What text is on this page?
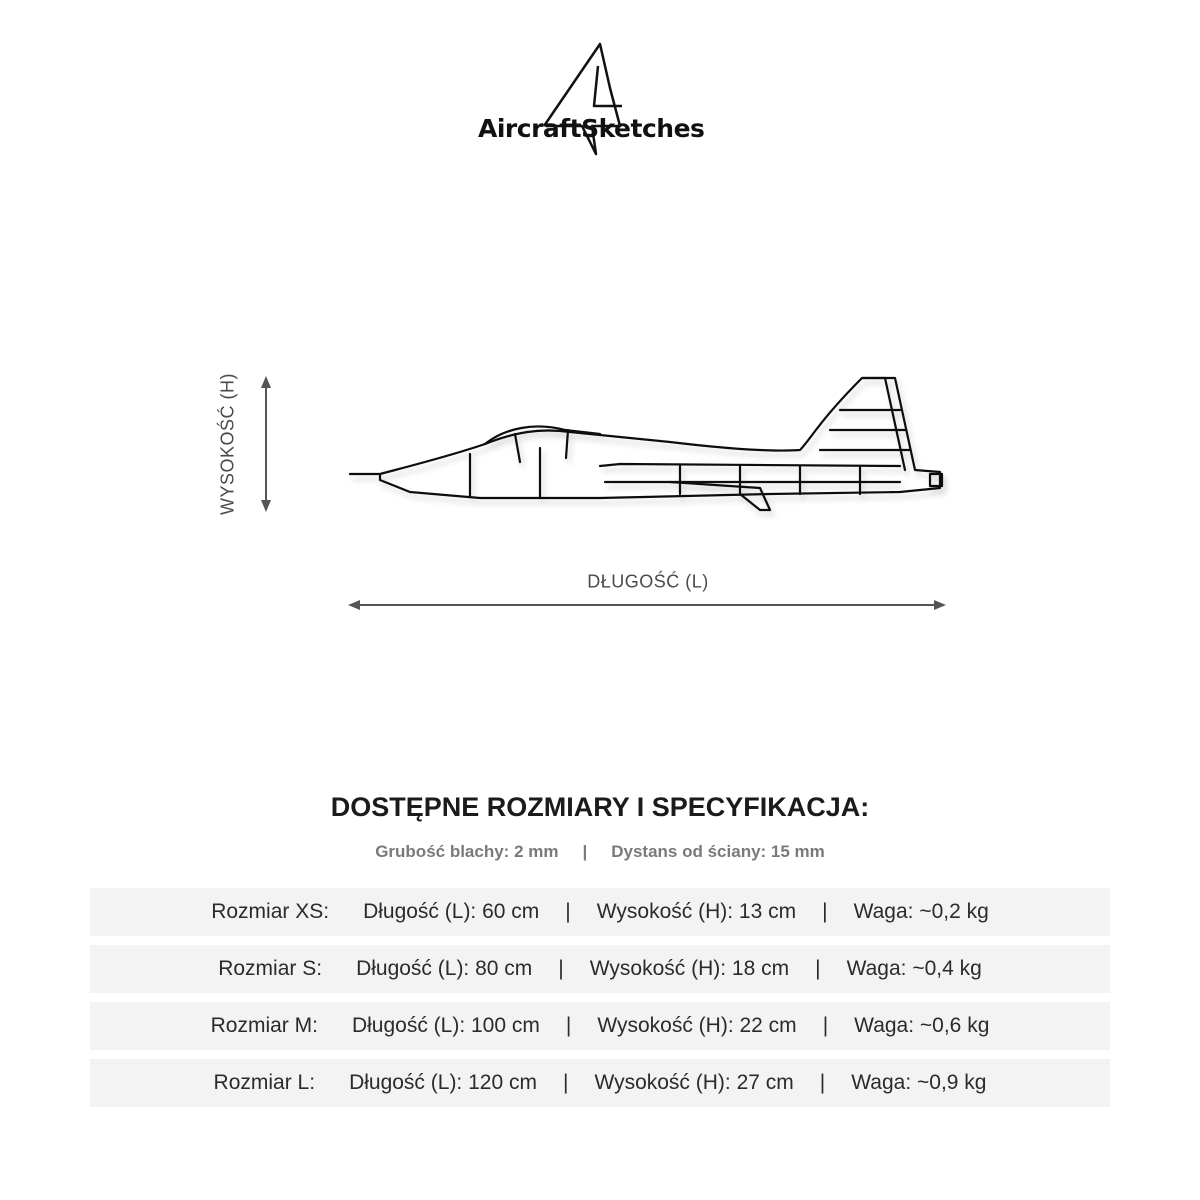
AircraftSketches
WYSOKOŚĆ (H)
DŁUGOŚĆ (L)
DOSTĘPNE ROZMIARY I SPECYFIKACJA:
Grubość blachy: 2 mm | Dystans od ściany: 15 mm
Rozmiar XS: Długość (L): 60 cm | Wysokość (H): 13 cm | Waga: ~0,2 kg
Rozmiar S: Długość (L): 80 cm | Wysokość (H): 18 cm | Waga: ~0,4 kg
Rozmiar M: Długość (L): 100 cm | Wysokość (H): 22 cm | Waga: ~0,6 kg
Rozmiar L: Długość (L): 120 cm | Wysokość (H): 27 cm | Waga: ~0,9 kg
